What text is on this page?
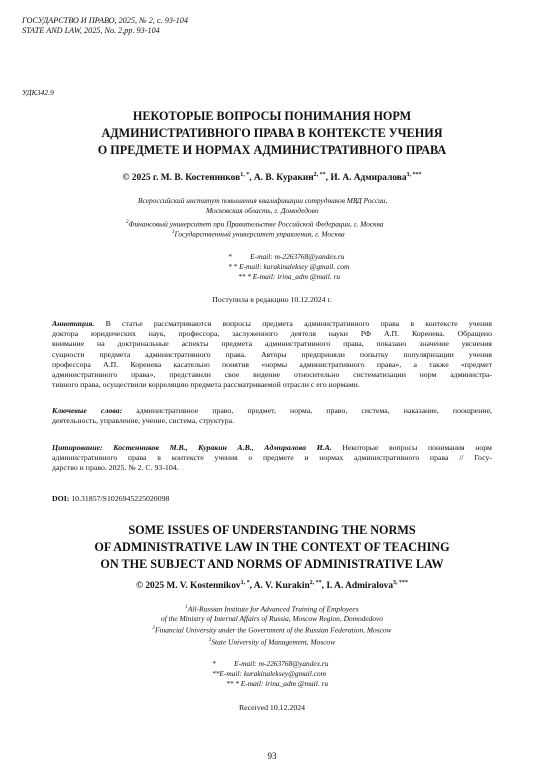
ГОСУДАРСТВО И ПРАВО, 2025, № 2, с. 93-104
STATE AND LAW, 2025, No. 2,pp. 93-104
УДК342.9
НЕКОТОРЫЕ ВОПРОСЫ ПОНИМАНИЯ НОРМ
АДМИНИСТРАТИВНОГО ПРАВА В КОНТЕКСТЕ УЧЕНИЯ
О ПРЕДМЕТЕ И НОРМАХ АДМИНИСТРАТИВНОГО ПРАВА
© 2025 г. М. В. Костенников$^{1, *}$, А. В. Куракин$^{2, **}$, И. А. Адмиралова$^{3, ***}$
Всероссийский институт повышения квалификации сотрудников МВД России,
Московская область, г. Домодедово
$^2$Финансовый университет при Правительстве Российской Федерации, г. Москва
$^3$Государственный университет управления, г. Москва
*          E-mail: m-2263768@yandex.ru
* * E-mail: kurakinaleksey @gmail. com
** * E-mail: irina_adm @mail. ru
Поступила в редакцию 10.12.2024 г.
Аннотация. В статье рассматриваются вопросы предмета административного права в контексте учения
доктора юридических наук, профессора, заслуженного деятеля науки РФ А.П. Коренева. Обращено
внимание на доктринальные аспекты предмета административного права, показано значение уяснения
сущности предмета административного права. Авторы предприняли попытку популяризации учения
профессора А.П. Коренева касательно понятия «нормы административного права», а также «предмет
административного права», представили свое видение относительно систематизации норм администра-
тивного права, осуществили корреляцию предмета рассматриваемой отрасли с его нормами.
Ключевые слова: административное право, предмет, норма, право, система, наказание, поощрение,
деятельность, управление, учение, система, структура.
Цитирование: Костенников М.В., Куракин А.В., Адмиралова И.А. Некоторые вопросы понимания норм
административного права в контексте учения о предмете и нормах административного права // Госу-
дарство и право. 2025. № 2. С. 93-104.
DOI: 10.31857/S1026945225020098
SOME ISSUES OF UNDERSTANDING THE NORMS
OF ADMINISTRATIVE LAW IN THE CONTEXT OF TEACHING
ON THE SUBJECT AND NORMS OF ADMINISTRATIVE LAW
© 2025 M. V. Kostennikov$^{1, *}$, A. V. Kurakin$^{2, **}$, I. A. Admiralova$^{3, ***}$
$^1$All-Russian Institute for Advanced Training of Employees
of the Ministry of Internal Affairs of Russia, Moscow Region, Domodedovo
$^2$Financial University under the Government of the Russian Federation, Moscow
$^3$State University of Management, Moscow
*          E-mail: m-2263768@yandex.ru
**E-mail: kurakinaleksey@gmail.com
** * E-mail: irina_adm @mail. ru
Received 10.12.2024
93
